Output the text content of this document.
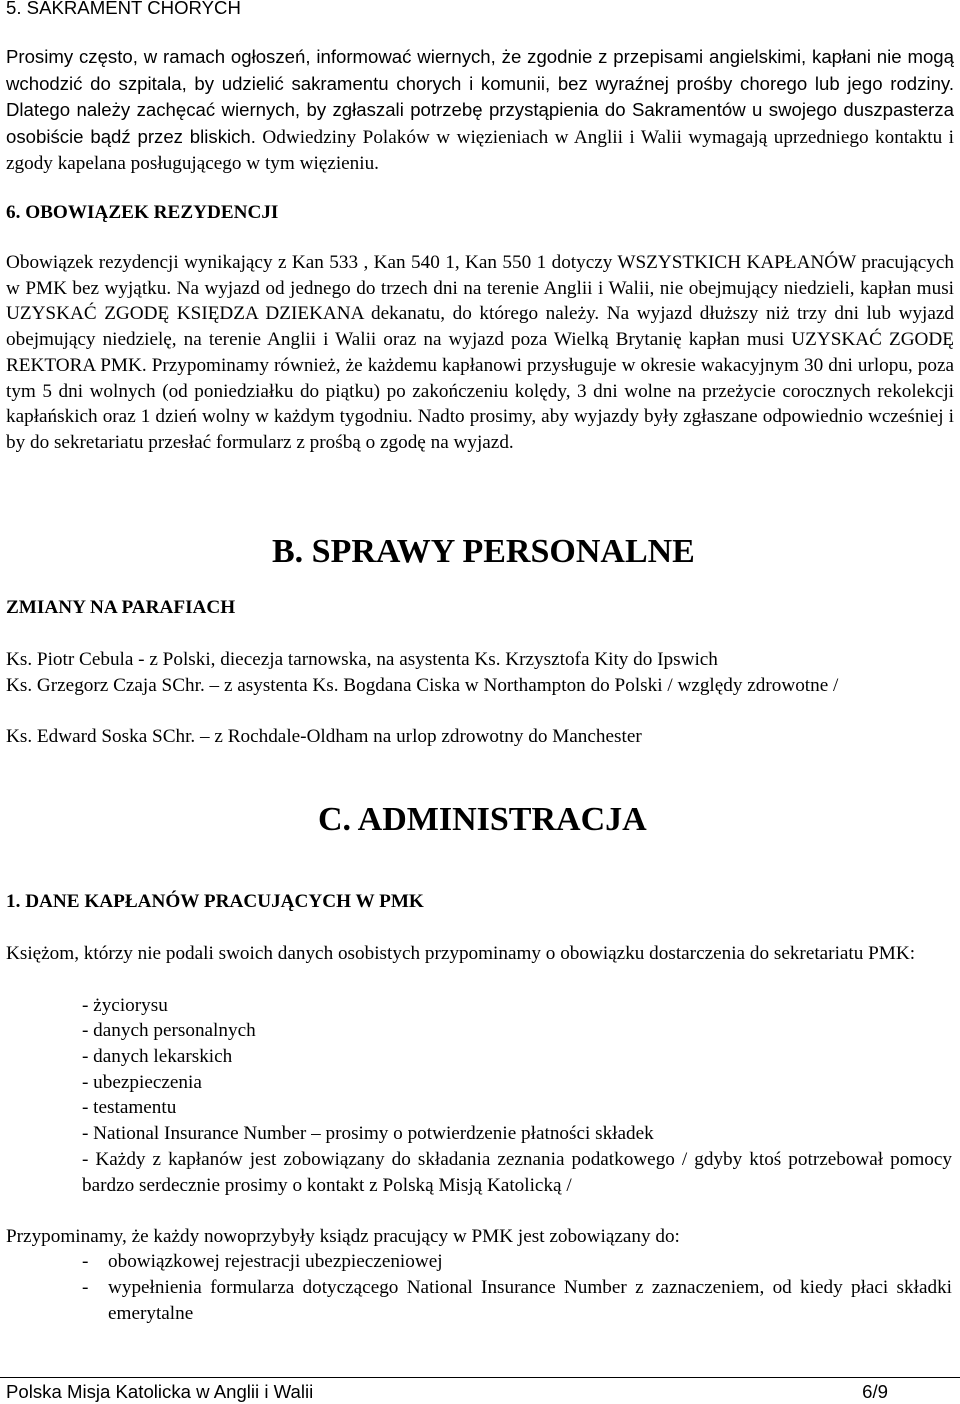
5. SAKRAMENT CHORYCH

Prosimy często, w ramach ogłoszeń, informować wiernych, że zgodnie z przepisami angielskimi, kapłani nie mogą wchodzić do szpitala, by udzielić sakramentu chorych i komunii, bez wyraźnej prośby chorego lub jego rodziny. Dlatego należy zachęcać wiernych, by zgłaszali potrzebę przystąpienia do Sakramentów u swojego duszpasterza osobiście bądź przez bliskich. Odwiedziny Polaków w więzieniach w Anglii i Walii wymagają uprzedniego kontaktu i zgody kapelana posługującego w tym więzieniu.

6. OBOWIĄZEK REZYDENCJI

Obowiązek rezydencji wynikający z Kan 533 , Kan 540 1, Kan 550 1 dotyczy WSZYSTKICH KAPŁANÓW pracujących w PMK bez wyjątku. Na wyjazd od jednego do trzech dni na terenie Anglii i Walii, nie obejmujący niedzieli, kapłan musi UZYSKAĆ ZGODĘ KSIĘDZA DZIEKANA dekanatu, do którego należy. Na wyjazd dłuższy niż trzy dni lub wyjazd obejmujący niedzielę, na terenie Anglii i Walii oraz na wyjazd poza Wielką Brytanię kapłan musi UZYSKAĆ ZGODĘ REKTORA PMK. Przypominamy również, że każdemu kapłanowi przysługuje w okresie wakacyjnym 30 dni urlopu, poza tym 5 dni wolnych (od poniedziałku do piątku) po zakończeniu kolędy, 3 dni wolne na przeżycie corocznych rekolekcji kapłańskich oraz 1 dzień wolny w każdym tygodniu. Nadto prosimy, aby wyjazdy były zgłaszane odpowiednio wcześniej i by do sekretariatu przesłać formularz z prośbą o zgodę na wyjazd.

B. SPRAWY PERSONALNE
ZMIANY NA PARAFIACH

Ks. Piotr Cebula - z Polski, diecezja tarnowska, na asystenta Ks. Krzysztofa Kity do Ipswich

Ks. Grzegorz Czaja SChr. – z asystenta Ks. Bogdana Ciska w Northampton do Polski / względy zdrowotne /

Ks. Edward Soska SChr. – z Rochdale-Oldham na urlop zdrowotny do Manchester

C. ADMINISTRACJA
1. DANE KAPŁANÓW PRACUJĄCYCH W PMK

Księżom, którzy nie podali swoich danych osobistych przypominamy o obowiązku dostarczenia do sekretariatu PMK:

- życiorysu
- danych personalnych
- danych lekarskich
- ubezpieczenia
- testamentu
- National Insurance Number – prosimy o potwierdzenie płatności składek
- Każdy z kapłanów jest zobowiązany do składania zeznania podatkowego / gdyby ktoś potrzebował pomocy bardzo serdecznie prosimy o kontakt z Polską Misją Katolicką /

Przypominamy, że każdy nowoprzybyły ksiądz pracujący w PMK jest zobowiązany do:

- obowiązkowej rejestracji ubezpieczeniowej
-	wypełnienia formularza dotyczącego National Insurance Number z zaznaczeniem, od kiedy płaci składki emerytalne
Polska Misja Katolicka w Anglii i Walii	6/9
